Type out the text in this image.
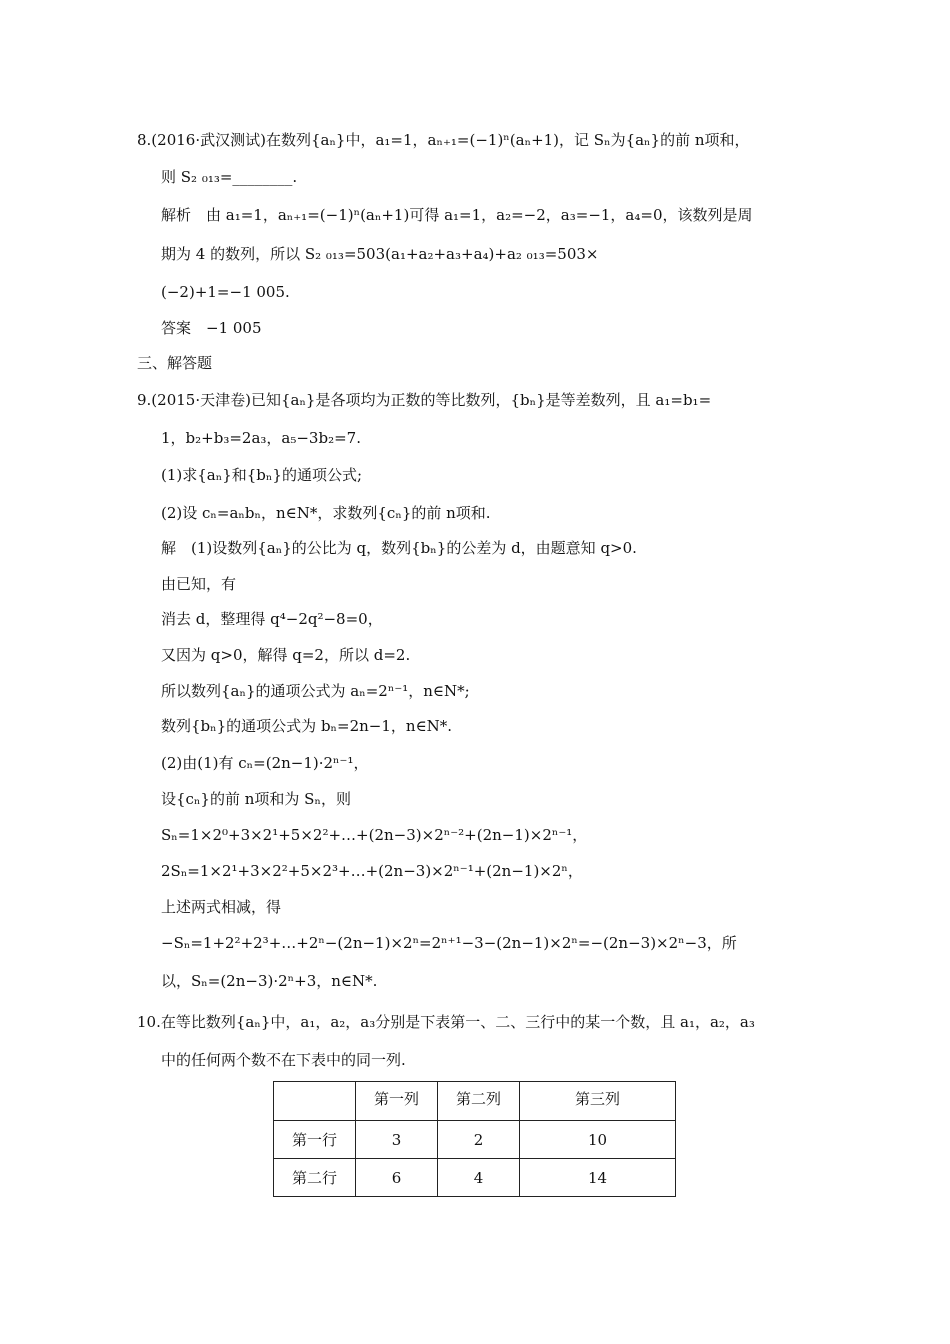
8.(2016·武汉测试)在数列{aₙ}中，a₁=1，aₙ₊₁=(−1)ⁿ(aₙ+1)，记 Sₙ为{aₙ}的前 n项和，
则 S₂ ₀₁₃=________.
解析　由 a₁=1，aₙ₊₁=(−1)ⁿ(aₙ+1)可得 a₁=1，a₂=−2，a₃=−1，a₄=0，该数列是周
期为 4 的数列，所以 S₂ ₀₁₃=503(a₁+a₂+a₃+a₄)+a₂ ₀₁₃=503×
(−2)+1=−1 005.
答案　−1 005
三、解答题
9.(2015·天津卷)已知{aₙ}是各项均为正数的等比数列，{bₙ}是等差数列，且 a₁=b₁=
1，b₂+b₃=2a₃，a₅−3b₂=7.
(1)求{aₙ}和{bₙ}的通项公式;
(2)设 cₙ=aₙbₙ，n∈N*，求数列{cₙ}的前 n项和.
解　(1)设数列{aₙ}的公比为 q，数列{bₙ}的公差为 d，由题意知 q>0.
由已知，有
消去 d，整理得 q⁴−2q²−8=0，
又因为 q>0，解得 q=2，所以 d=2.
所以数列{aₙ}的通项公式为 aₙ=2ⁿ⁻¹，n∈N*;
数列{bₙ}的通项公式为 bₙ=2n−1，n∈N*.
(2)由(1)有 cₙ=(2n−1)·2ⁿ⁻¹，
设{cₙ}的前 n项和为 Sₙ，则
Sₙ=1×2⁰+3×2¹+5×2²+…+(2n−3)×2ⁿ⁻²+(2n−1)×2ⁿ⁻¹，
2Sₙ=1×2¹+3×2²+5×2³+…+(2n−3)×2ⁿ⁻¹+(2n−1)×2ⁿ，
上述两式相减，得
−Sₙ=1+2²+2³+…+2ⁿ−(2n−1)×2ⁿ=2ⁿ⁺¹−3−(2n−1)×2ⁿ=−(2n−3)×2ⁿ−3，所
以，Sₙ=(2n−3)·2ⁿ+3，n∈N*.
10.在等比数列{aₙ}中，a₁，a₂，a₃分别是下表第一、二、三行中的某一个数，且 a₁，a₂，a₃
中的任何两个数不在下表中的同一列.
	第一列	第二列	第三列
第一行	3	2	10
第二行	6	4	14
